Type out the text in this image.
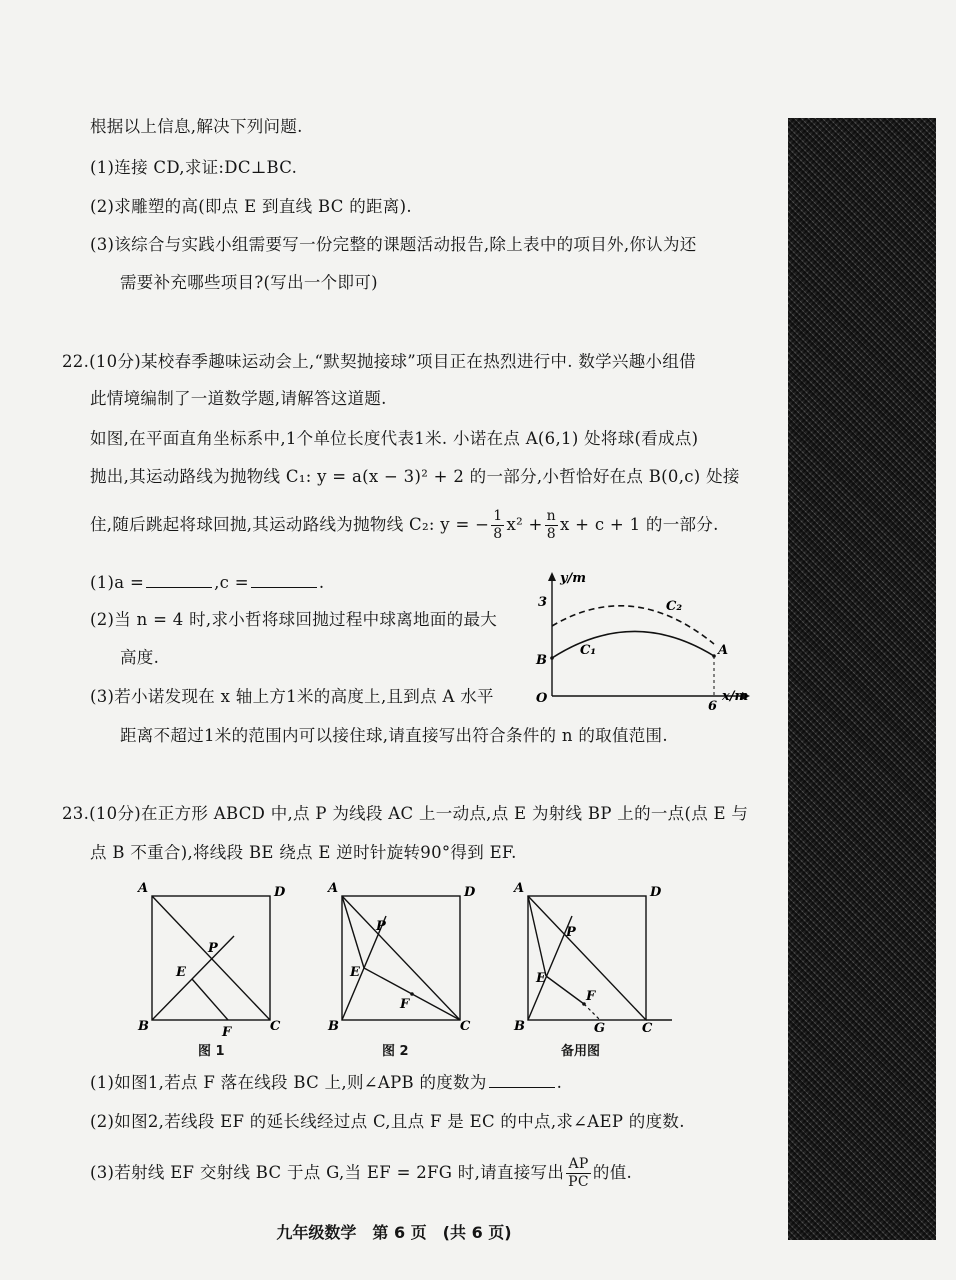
根据以上信息,解决下列问题.
(1)连接 CD,求证:DC⊥BC.
(2)求雕塑的高(即点 E 到直线 BC 的距离).
(3)该综合与实践小组需要写一份完整的课题活动报告,除上表中的项目外,你认为还
需要补充哪些项目?(写出一个即可)
22.(10分)某校春季趣味运动会上,“默契抛接球”项目正在热烈进行中. 数学兴趣小组借
此情境编制了一道数学题,请解答这道题.
如图,在平面直角坐标系中,1个单位长度代表1米. 小诺在点 A(6,1) 处将球(看成点)
抛出,其运动路线为抛物线 C₁: y = a(x − 3)² + 2 的一部分,小哲恰好在点 B(0,c) 处接
住,随后跳起将球回抛,其运动路线为抛物线 C₂: y = − $\frac{1}{8} x^2 + \frac{n}{8}$ x + c + 1 的一部分.
(1)a =	,c =	.
(2)当 n = 4 时,求小哲将球回抛过程中球离地面的最大
高度.
(3)若小诺发现在 x 轴上方1米的高度上,且到点 A 水平
距离不超过1米的范围内可以接住球,请直接写出符合条件的 n 的取值范围.
y/m
x/m
O
3
6
B
A
C₁
C₂
23.(10分)在正方形 ABCD 中,点 P 为线段 AC 上一动点,点 E 为射线 BP 上的一点(点 E 与
点 B 不重合),将线段 BE 绕点 E 逆时针旋转90°得到 EF.
A	D
B	C
P
E
F
图 1
A	D
B	C
P
E
F
图 2
A	D
B	C
P
E
F
G
备用图
(1)如图1,若点 F 落在线段 BC 上,则∠APB 的度数为	.
(2)如图2,若线段 EF 的延长线经过点 C,且点 F 是 EC 的中点,求∠AEP 的度数.
(3)若射线 EF 交射线 BC 于点 G,当 EF = 2FG 时,请直接写出 $\frac{AP}{PC}$ 的值.
九年级数学　第 6 页　(共 6 页)
